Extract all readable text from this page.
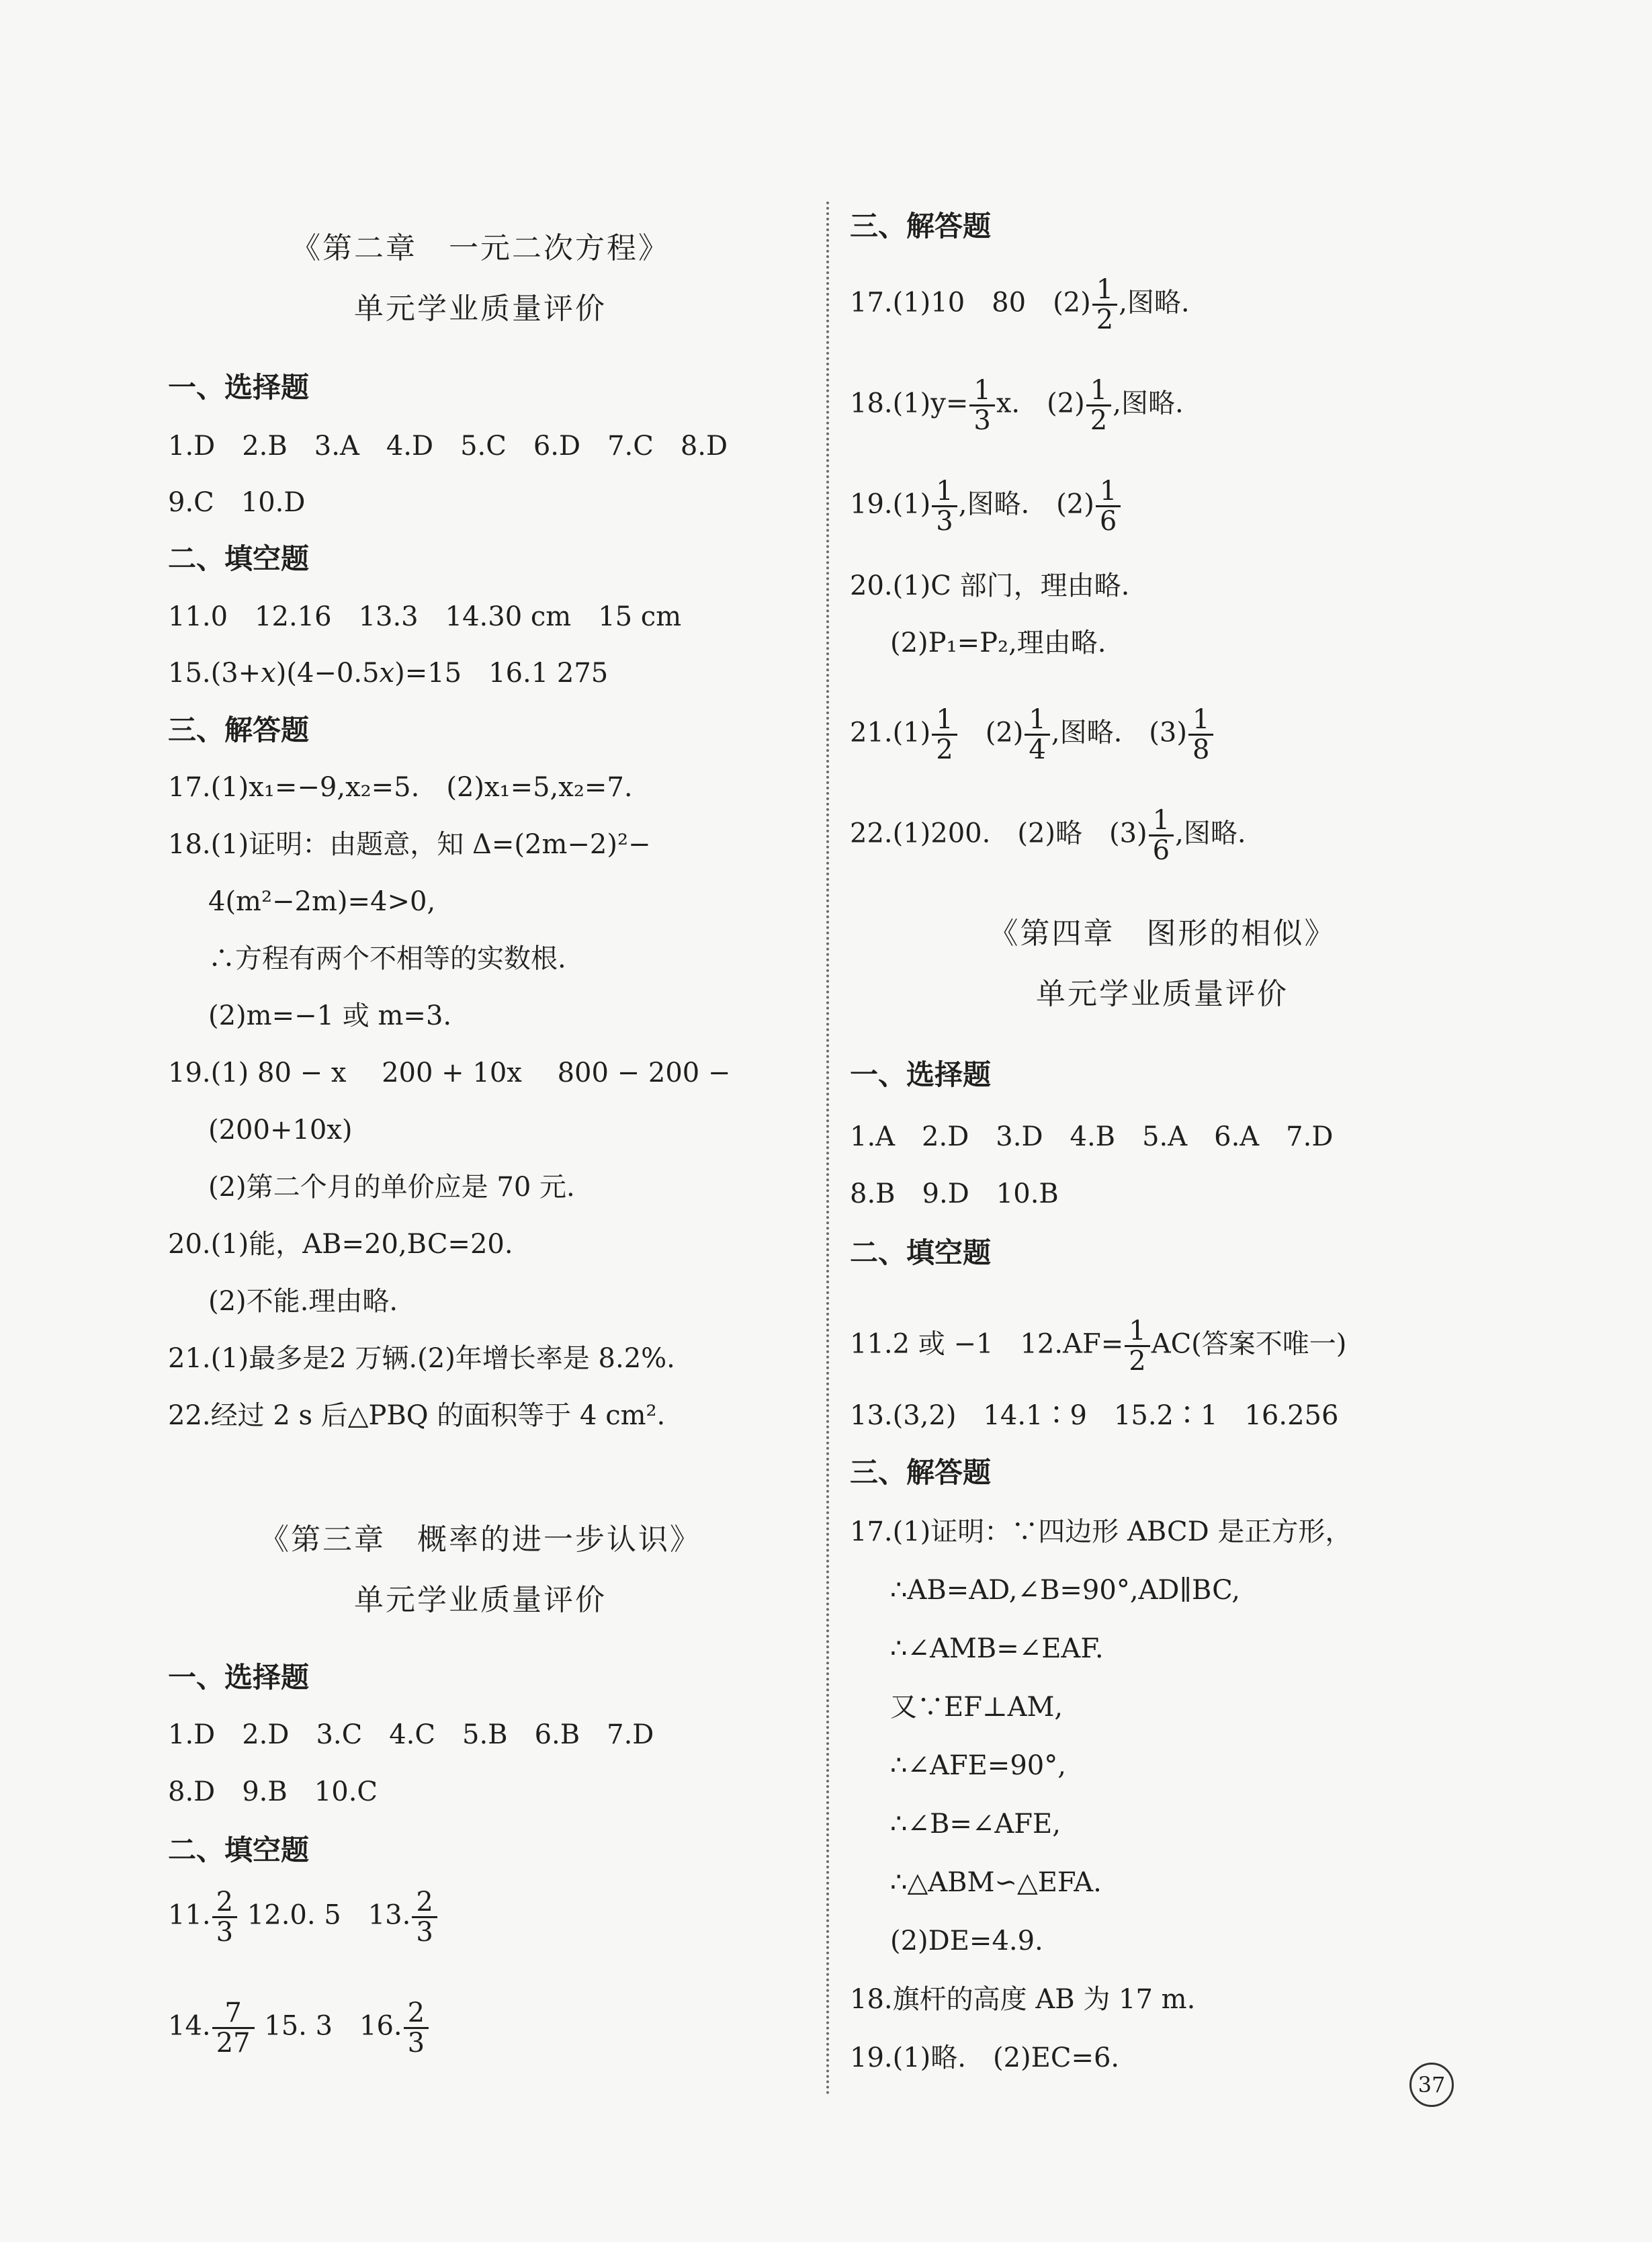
《第二章　一元二次方程》
单元学业质量评价
一、选择题
1.D　2.B　3.A　4.D　5.C　6.D　7.C　8.D
9.C　10.D
二、填空题
11.0　12.16　13.3　14.30 cm　15 cm
15.(3+x)(4−0.5x)=15　16.1 275
三、解答题
17.(1)x₁=−9,x₂=5.　(2)x₁=5,x₂=7.
18.(1)证明：由题意，知 Δ=(2m−2)²−
4(m²−2m)=4>0,
∴方程有两个不相等的实数根.
(2)m=−1 或 m=3.
19.(1) 80 − x　 200 + 10x　 800 − 200 −
(200+10x)
(2)第二个月的单价应是 70 元.
20.(1)能，AB=20,BC=20.
(2)不能.理由略.
21.(1)最多是2 万辆.(2)年增长率是 8.2%.
22.经过 2 s 后△PBQ 的面积等于 4 cm².
《第三章　概率的进一步认识》
单元学业质量评价
一、选择题
1.D　2.D　3.C　4.C　5.B　6.B　7.D
8.D　9.B　10.C
二、填空题
11. $\frac{2}{3} 12.0$. 5　13. $\frac{2}{3}$
14. $\frac{7}{27} 15$. 3　16. $\frac{2}{3}$
三、解答题
17.(1)10　80　$(2) \frac{1}{2}$ ,图略.
$18.(1)y= \frac{1}{3} x$.　$(2) \frac{1}{2}$ ,图略.
$19.(1) \frac{1}{3}$ ,图略.　$(2) \frac{1}{6}$
20.(1)C 部门，理由略.
(2)P₁=P₂,理由略.
$21.(1) \frac{1}{2}$ 　$(2) \frac{1}{4}$ ,图略.　$(3) \frac{1}{8}$
22.(1)200.　(2)略　$(3) \frac{1}{6}$ ,图略.
《第四章　图形的相似》
单元学业质量评价
一、选择题
1.A　2.D　3.D　4.B　5.A　6.A　7.D
8.B　9.D　10.B
二、填空题
11.2 或 −1　$12.AF= \frac{1}{2} AC$(答案不唯一)
13.(3,2)　14.1∶9　15.2∶1　16.256
三、解答题
17.(1)证明：∵四边形 ABCD 是正方形，
∴AB=AD,∠B=90°,AD∥BC,
∴∠AMB=∠EAF.
又∵EF⊥AM,
∴∠AFE=90°,
∴∠B=∠AFE,
∴△ABM∽△EFA.
(2)DE=4.9.
18.旗杆的高度 AB 为 17 m.
19.(1)略.　(2)EC=6.
37
